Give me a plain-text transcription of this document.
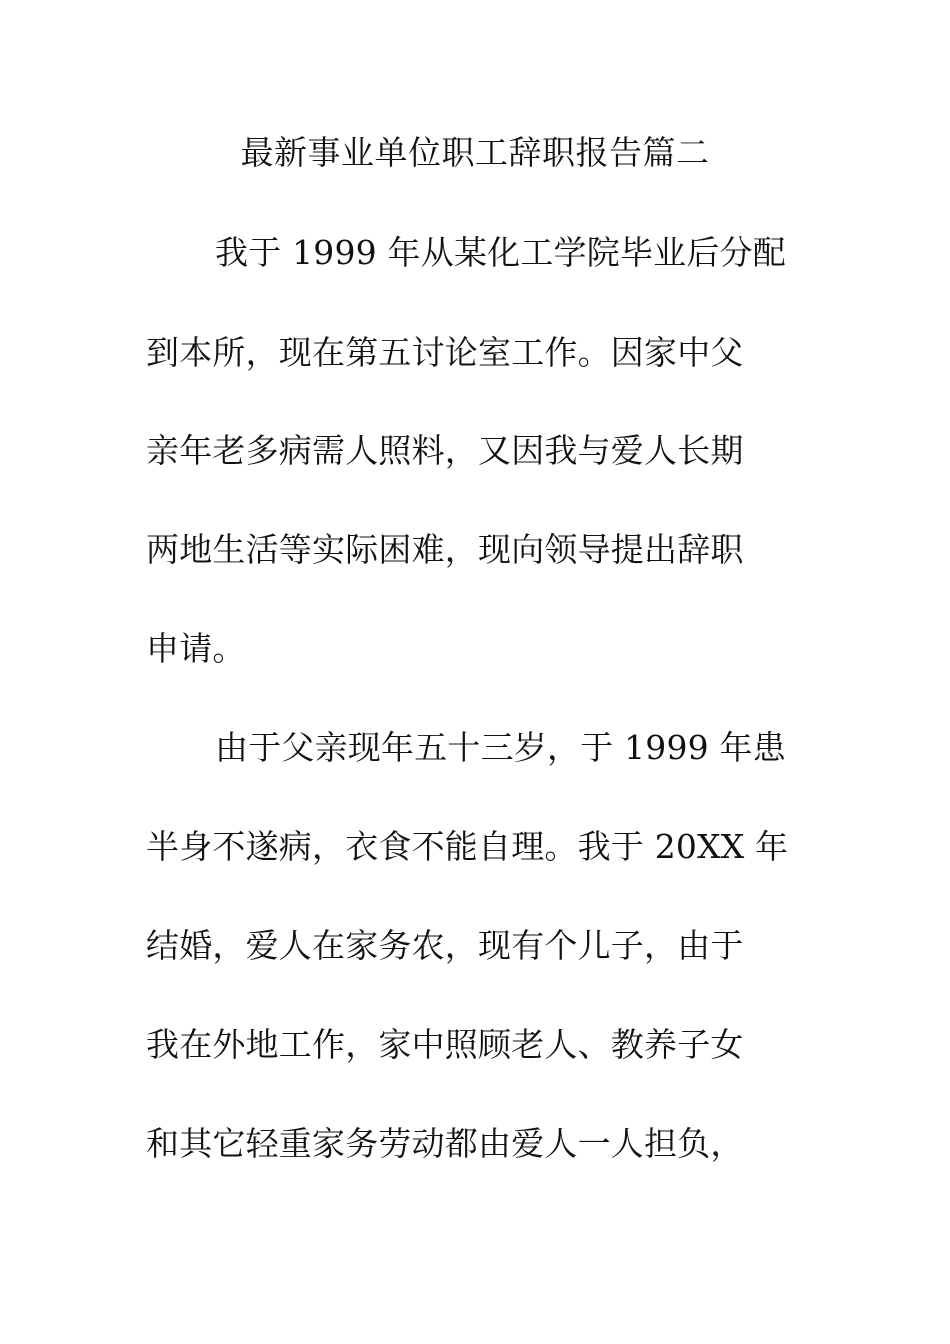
最新事业单位职工辞职报告篇二
我于 1999 年从某化工学院毕业后分配
到本所，现在第五讨论室工作。因家中父
亲年老多病需人照料，又因我与爱人长期
两地生活等实际困难，现向领导提出辞职
申请。
由于父亲现年五十三岁，于 1999 年患
半身不遂病，衣食不能自理。我于 20XX 年
结婚，爱人在家务农，现有个儿子，由于
我在外地工作，家中照顾老人、教养子女
和其它轻重家务劳动都由爱人一人担负，
